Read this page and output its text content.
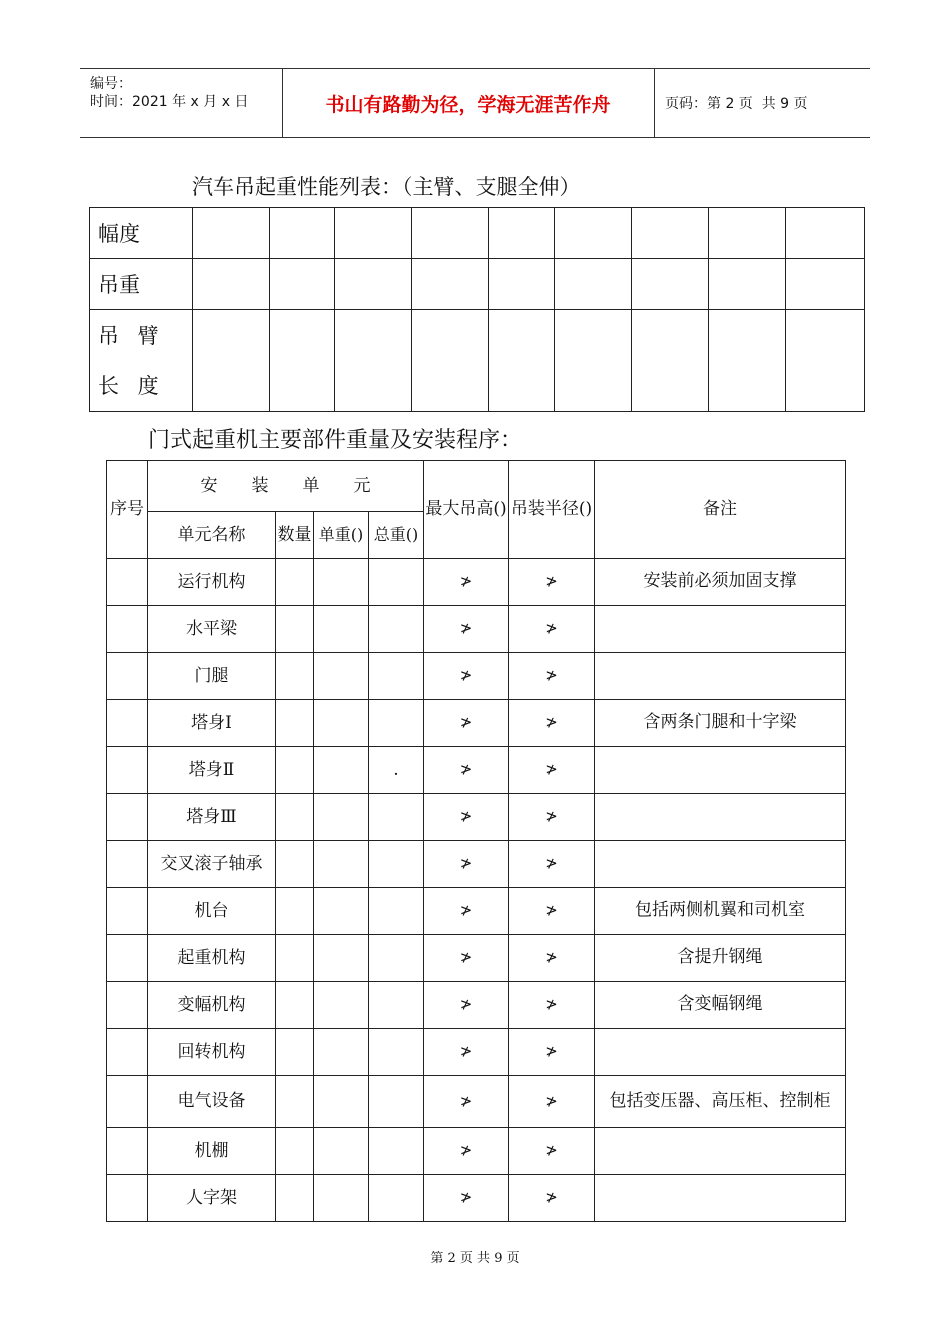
编号：
时间：2021 年 x 月 x 日	书山有路勤为径，学海无涯苦作舟	页码：第 2 页  共 9 页
汽车吊起重性能列表：（主臂、支腿全伸）
幅度									
吊重									
吊 臂 长 度									
门式起重机主要部件重量及安装程序：
序号	安　　装　　单　　元				最大吊高()	吊装半径()	备注
	单元名称	数量	单重()	总重()			
	运行机构				≯	≯	安装前必须加固支撑
	水平梁				≯	≯	
	门腿				≯	≯	
	塔身Ⅰ				≯	≯	含两条门腿和十字梁
	塔身Ⅱ			.	≯	≯	
	塔身Ⅲ				≯	≯	
	交叉滚子轴承				≯	≯	
	机台				≯	≯	包括两侧机翼和司机室
	起重机构				≯	≯	含提升钢绳
	变幅机构				≯	≯	含变幅钢绳
	回转机构				≯	≯	
	电气设备				≯	≯	包括变压器、高压柜、控制柜
	机棚				≯	≯	
	人字架				≯	≯	
第 2 页 共 9 页
